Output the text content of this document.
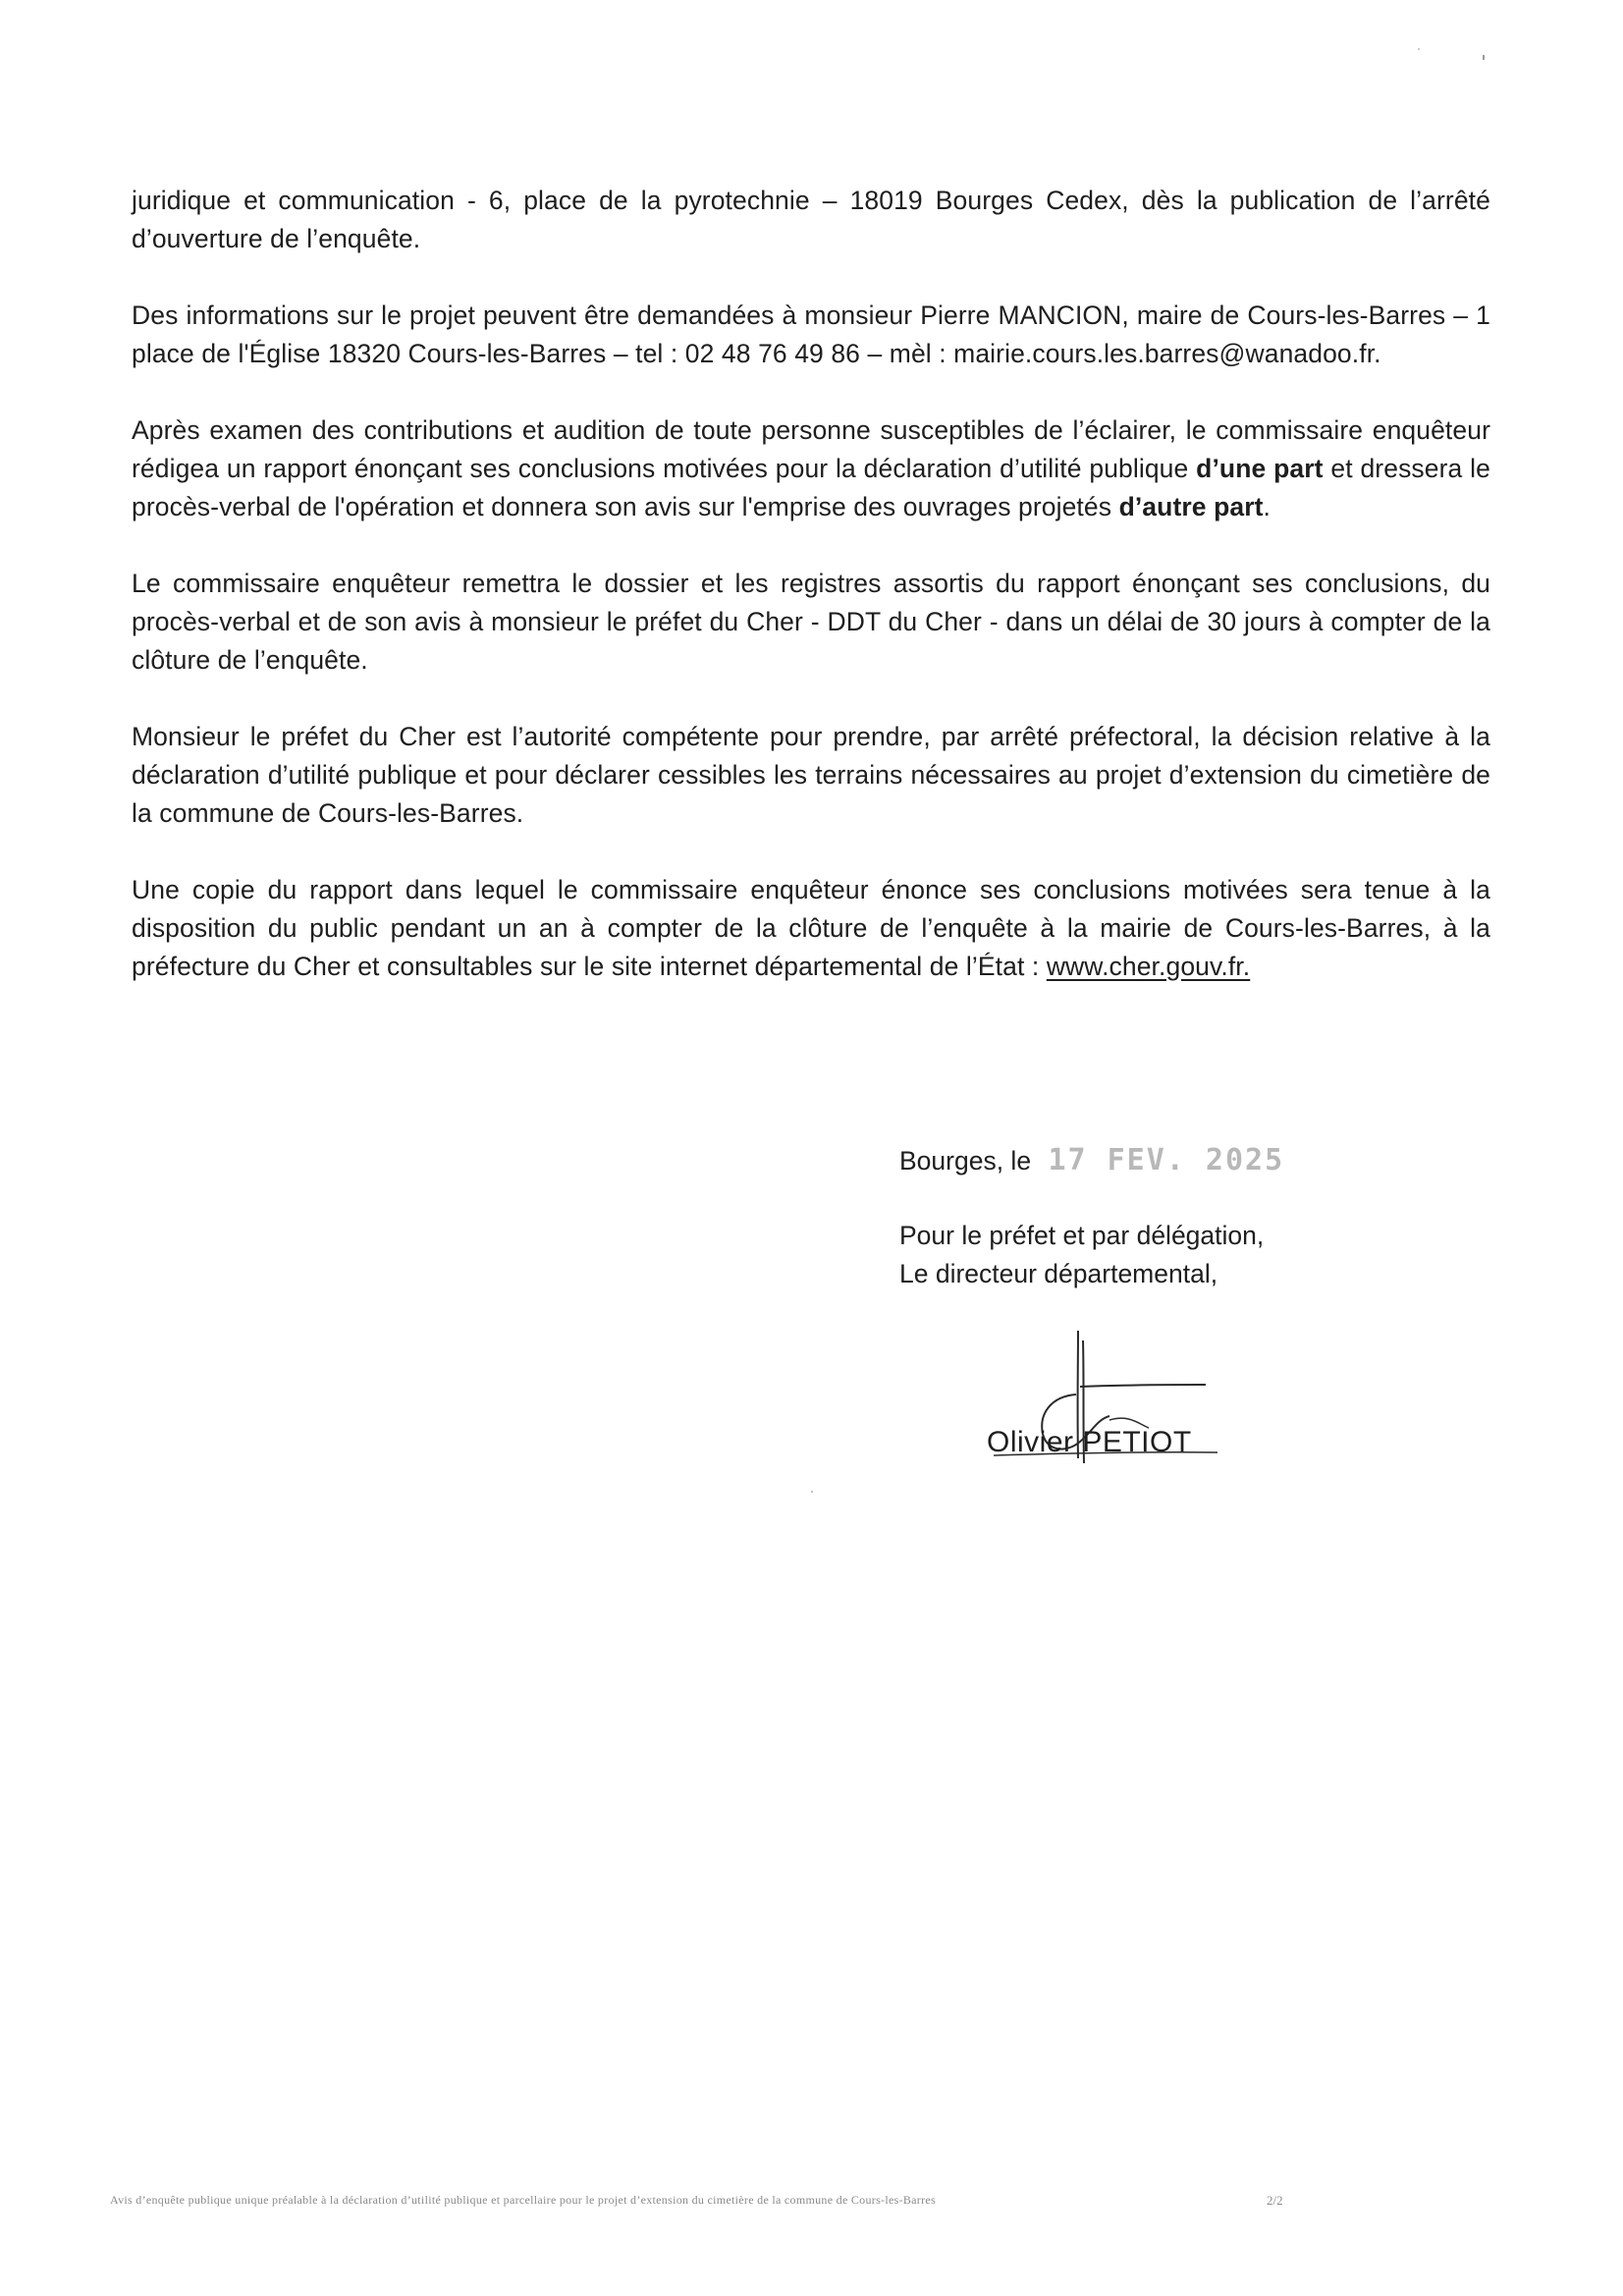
juridique et communication - 6, place de la pyrotechnie – 18019 Bourges Cedex, dès la publication de l’arrêté d’ouverture de l’enquête.

Des informations sur le projet peuvent être demandées à monsieur Pierre MANCION, maire de Cours-les-Barres – 1 place de l'Église 18320 Cours-les-Barres – tel : 02 48 76 49 86 – mèl : mairie.cours.les.barres@wanadoo.fr.

Après examen des contributions et audition de toute personne susceptibles de l’éclairer, le commissaire enquêteur rédigea un rapport énonçant ses conclusions motivées pour la déclaration d’utilité publique d’une part et dressera le procès-verbal de l'opération et donnera son avis sur l'emprise des ouvrages projetés d’autre part.

Le commissaire enquêteur remettra le dossier et les registres assortis du rapport énonçant ses conclusions, du procès-verbal et de son avis à monsieur le préfet du Cher - DDT du Cher - dans un délai de 30 jours à compter de la clôture de l’enquête.

Monsieur le préfet du Cher est l’autorité compétente pour prendre, par arrêté préfectoral, la décision relative à la déclaration d’utilité publique et pour déclarer cessibles les terrains nécessaires au projet d’extension du cimetière de la commune de Cours-les-Barres.

Une copie du rapport dans lequel le commissaire enquêteur énonce ses conclusions motivées sera tenue à la disposition du public pendant un an à compter de la clôture de l’enquête à la mairie de Cours-les-Barres, à la préfecture du Cher et consultables sur le site internet départemental de l’État : www.cher.gouv.fr.

Bourges, le 17 FEV. 2025
Pour le préfet et par délégation,
Le directeur départemental,
Olivier PETIOT
Avis d’enquête publique unique préalable à la déclaration d’utilité publique et parcellaire pour le projet d’extension du cimetière de la commune de Cours-les-Barres	2/2
